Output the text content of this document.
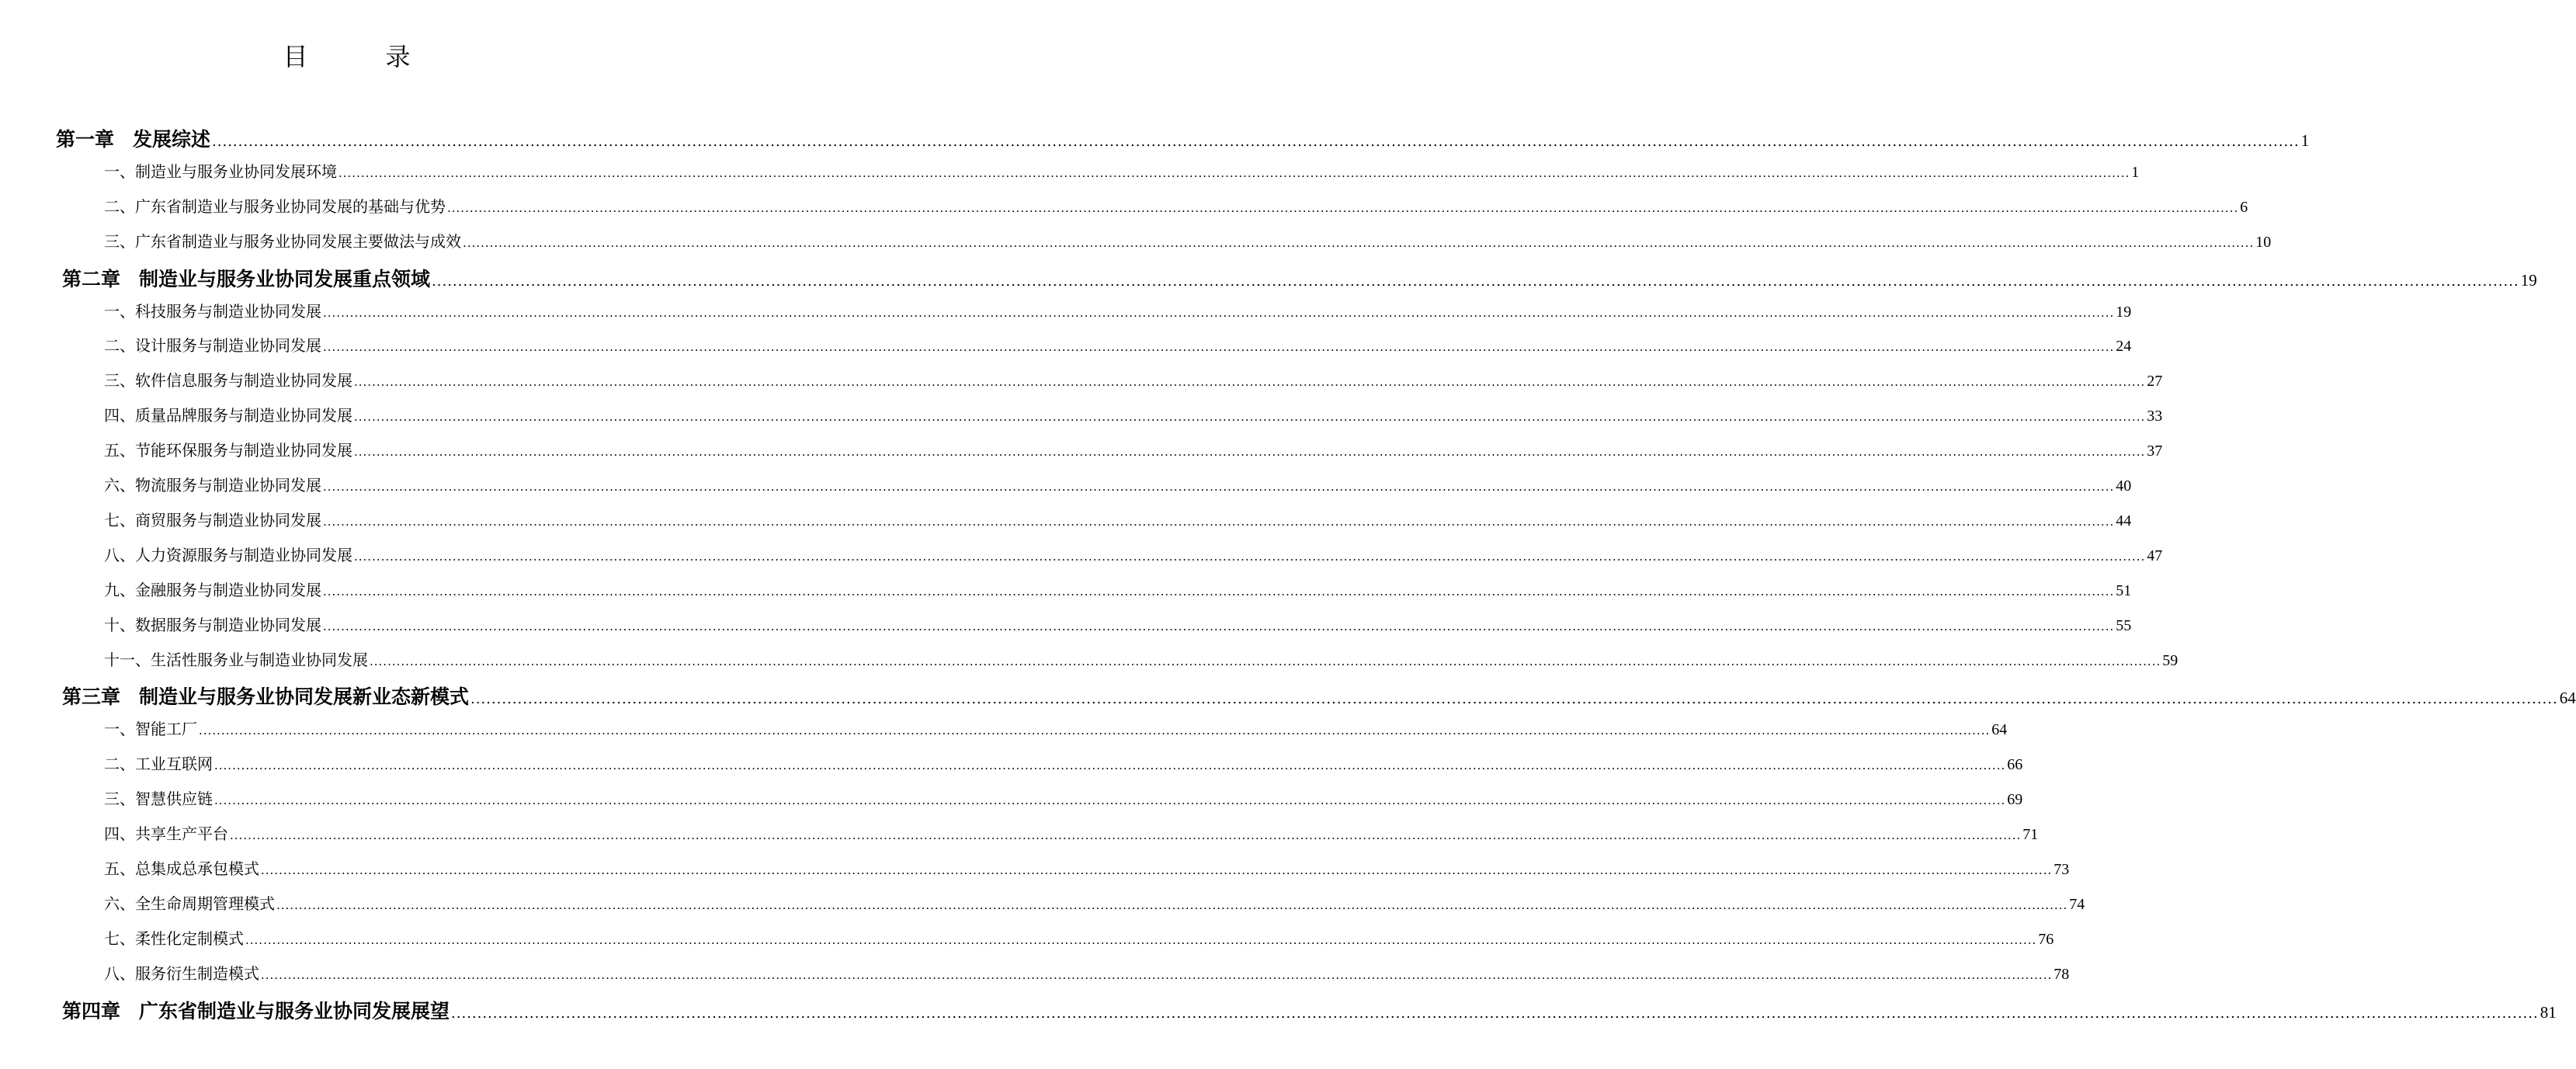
目　录
第一章 发展综述 ................................................................................................................................................................................................................................................................................................................................................................................................................ 1
一、制造业与服务业协同发展环境 ................................................................................................................................................................................................................................................................................................................................................................................................................ 1
二、广东省制造业与服务业协同发展的基础与优势 ................................................................................................................................................................................................................................................................................................................................................................................................................ 6
三、广东省制造业与服务业协同发展主要做法与成效 ................................................................................................................................................................................................................................................................................................................................................................................................................ 10
第二章 制造业与服务业协同发展重点领域 ................................................................................................................................................................................................................................................................................................................................................................................................................ 19
一、科技服务与制造业协同发展 ................................................................................................................................................................................................................................................................................................................................................................................................................ 19
二、设计服务与制造业协同发展 ................................................................................................................................................................................................................................................................................................................................................................................................................ 24
三、软件信息服务与制造业协同发展 ................................................................................................................................................................................................................................................................................................................................................................................................................ 27
四、质量品牌服务与制造业协同发展 ................................................................................................................................................................................................................................................................................................................................................................................................................ 33
五、节能环保服务与制造业协同发展 ................................................................................................................................................................................................................................................................................................................................................................................................................ 37
六、物流服务与制造业协同发展 ................................................................................................................................................................................................................................................................................................................................................................................................................ 40
七、商贸服务与制造业协同发展 ................................................................................................................................................................................................................................................................................................................................................................................................................ 44
八、人力资源服务与制造业协同发展 ................................................................................................................................................................................................................................................................................................................................................................................................................ 47
九、金融服务与制造业协同发展 ................................................................................................................................................................................................................................................................................................................................................................................................................ 51
十、数据服务与制造业协同发展 ................................................................................................................................................................................................................................................................................................................................................................................................................ 55
十一、生活性服务业与制造业协同发展 ................................................................................................................................................................................................................................................................................................................................................................................................................ 59
第三章 制造业与服务业协同发展新业态新模式 ................................................................................................................................................................................................................................................................................................................................................................................................................ 64
一、智能工厂 ................................................................................................................................................................................................................................................................................................................................................................................................................ 64
二、工业互联网 ................................................................................................................................................................................................................................................................................................................................................................................................................ 66
三、智慧供应链 ................................................................................................................................................................................................................................................................................................................................................................................................................ 69
四、共享生产平台 ................................................................................................................................................................................................................................................................................................................................................................................................................ 71
五、总集成总承包模式 ................................................................................................................................................................................................................................................................................................................................................................................................................ 73
六、全生命周期管理模式 ................................................................................................................................................................................................................................................................................................................................................................................................................ 74
七、柔性化定制模式 ................................................................................................................................................................................................................................................................................................................................................................................................................ 76
八、服务衍生制造模式 ................................................................................................................................................................................................................................................................................................................................................................................................................ 78
第四章 广东省制造业与服务业协同发展展望 ................................................................................................................................................................................................................................................................................................................................................................................................................ 81
